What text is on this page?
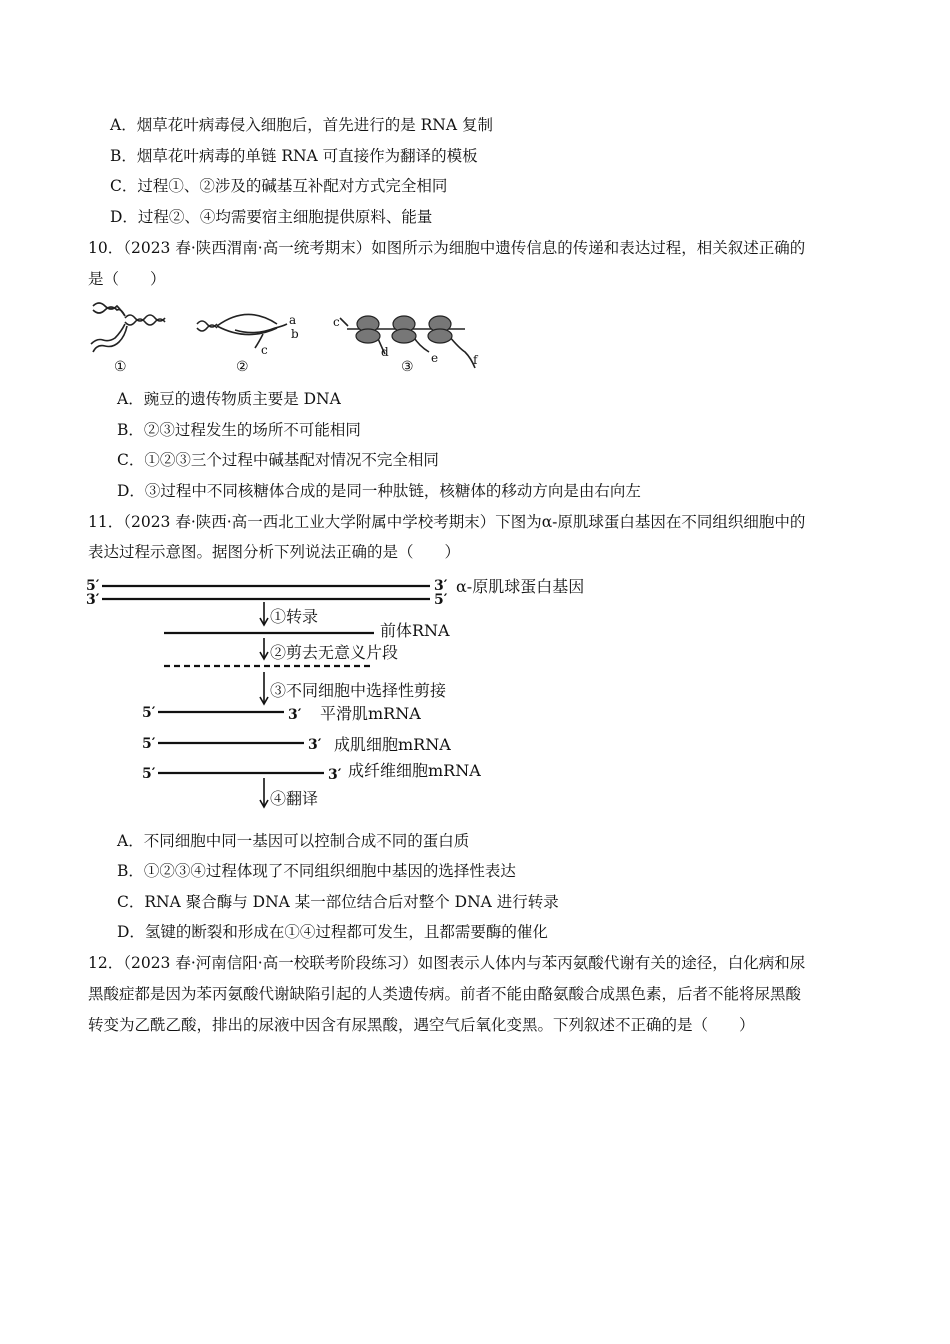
A．烟草花叶病毒侵入细胞后，首先进行的是 RNA 复制
B．烟草花叶病毒的单链 RNA 可直接作为翻译的模板
C．过程①、②涉及的碱基互补配对方式完全相同
D．过程②、④均需要宿主细胞提供原料、能量
10．（2023 春·陕西渭南·高一统考期末）如图所示为细胞中遗传信息的传递和表达过程，相关叙述正确的
是（　　）
a
b
c
c
d	e	f
①	②	③
A．豌豆的遗传物质主要是 DNA
B．②③过程发生的场所不可能相同
C．①②③三个过程中碱基配对情况不完全相同
D．③过程中不同核糖体合成的是同一种肽链，核糖体的移动方向是由右向左
11．（2023 春·陕西·高一西北工业大学附属中学校考期末）下图为α-原肌球蛋白基因在不同组织细胞中的
表达过程示意图。据图分析下列说法正确的是（　　）
5′
3′
3′
5′
5′	3′
5′	3′
5′	3′
α-原肌球蛋白基因
①转录
前体RNA
②剪去无意义片段
③不同细胞中选择性剪接
平滑肌mRNA
成肌细胞mRNA
成纤维细胞mRNA
④翻译
A．不同细胞中同一基因可以控制合成不同的蛋白质
B．①②③④过程体现了不同组织细胞中基因的选择性表达
C．RNA 聚合酶与 DNA 某一部位结合后对整个 DNA 进行转录
D．氢键的断裂和形成在①④过程都可发生，且都需要酶的催化
12．（2023 春·河南信阳·高一校联考阶段练习）如图表示人体内与苯丙氨酸代谢有关的途径，白化病和尿
黑酸症都是因为苯丙氨酸代谢缺陷引起的人类遗传病。前者不能由酪氨酸合成黑色素，后者不能将尿黑酸
转变为乙酰乙酸，排出的尿液中因含有尿黑酸，遇空气后氧化变黑。下列叙述不正确的是（　　）
